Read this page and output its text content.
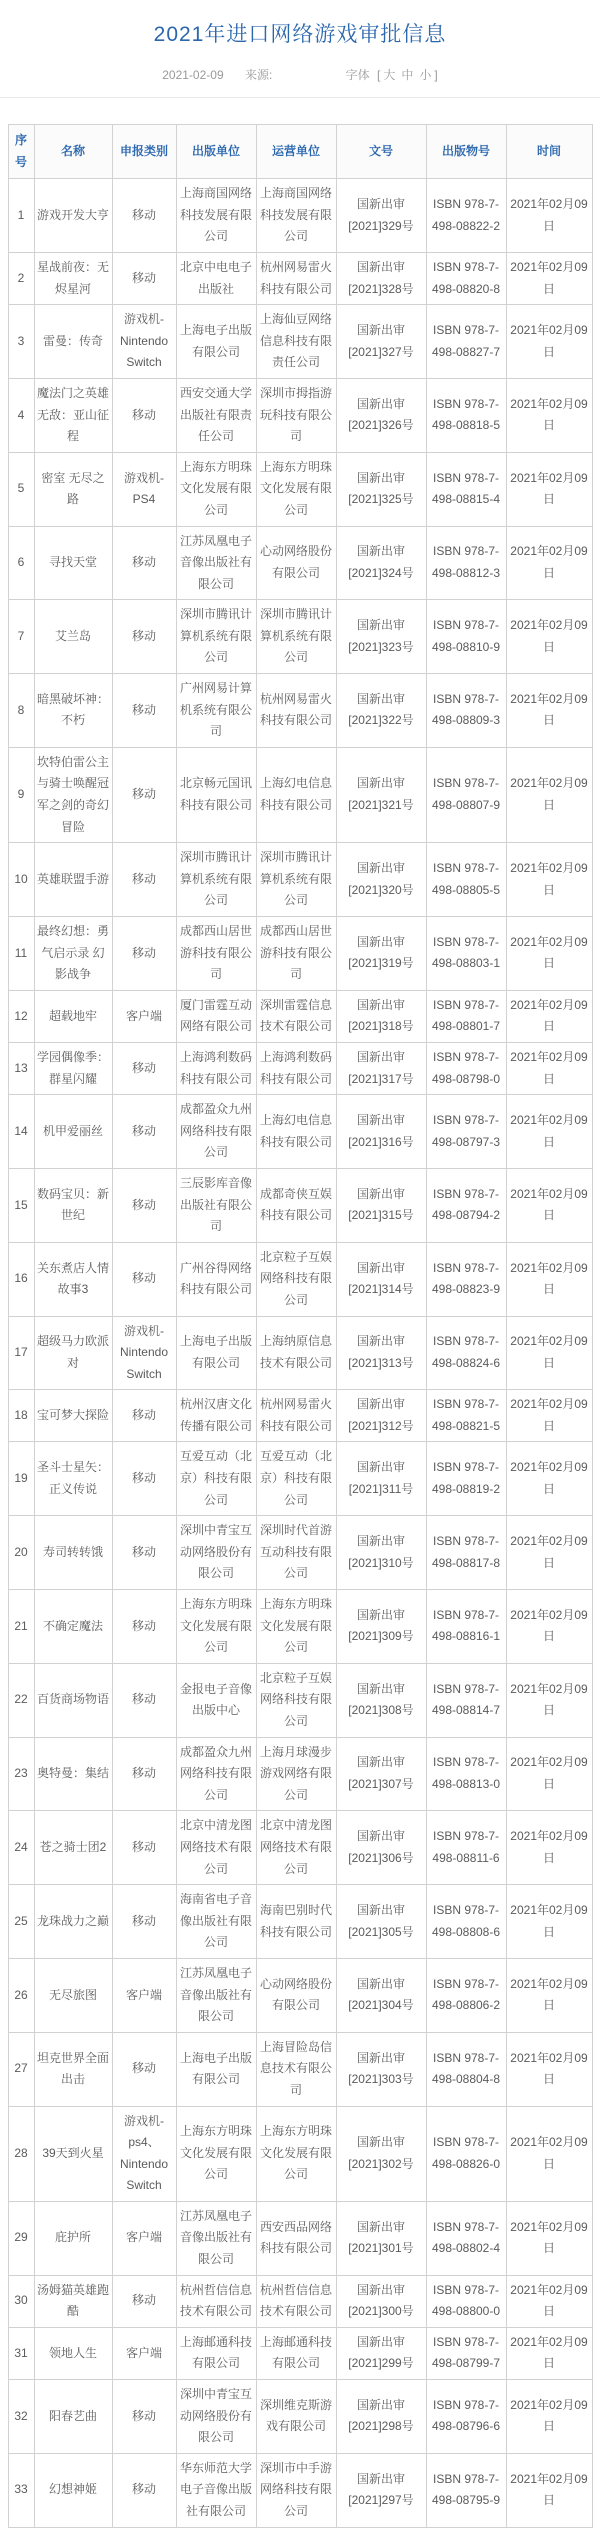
2021年进口网络游戏审批信息
2021-02-09 来源:	字体 [ 大 中 小 ]
序号	名称	申报类别	出版单位	运营单位	文号	出版物号	时间
1	游戏开发大亨	移动	上海商国网络科技发展有限公司	上海商国网络科技发展有限公司	国新出审 [2021]329号	ISBN 978-7-498-08822-2	2021年02月09日
2	星战前夜：无烬星河	移动	北京中电电子出版社	杭州网易雷火科技有限公司	国新出审 [2021]328号	ISBN 978-7-498-08820-8	2021年02月09日
3	雷曼：传奇	游戏机-Nintendo Switch	上海电子出版有限公司	上海仙豆网络信息科技有限责任公司	国新出审 [2021]327号	ISBN 978-7-498-08827-7	2021年02月09日
4	魔法门之英雄无敌：亚山征程	移动	西安交通大学出版社有限责任公司	深圳市拇指游玩科技有限公司	国新出审 [2021]326号	ISBN 978-7-498-08818-5	2021年02月09日
5	密室 无尽之路	游戏机-PS4	上海东方明珠文化发展有限公司	上海东方明珠文化发展有限公司	国新出审 [2021]325号	ISBN 978-7-498-08815-4	2021年02月09日
6	寻找天堂	移动	江苏凤凰电子音像出版社有限公司	心动网络股份有限公司	国新出审 [2021]324号	ISBN 978-7-498-08812-3	2021年02月09日
7	艾兰岛	移动	深圳市腾讯计算机系统有限公司	深圳市腾讯计算机系统有限公司	国新出审 [2021]323号	ISBN 978-7-498-08810-9	2021年02月09日
8	暗黑破坏神：不朽	移动	广州网易计算机系统有限公司	杭州网易雷火科技有限公司	国新出审 [2021]322号	ISBN 978-7-498-08809-3	2021年02月09日
9	坎特伯雷公主与骑士唤醒冠军之剑的奇幻冒险	移动	北京畅元国讯科技有限公司	上海幻电信息科技有限公司	国新出审 [2021]321号	ISBN 978-7-498-08807-9	2021年02月09日
10	英雄联盟手游	移动	深圳市腾讯计算机系统有限公司	深圳市腾讯计算机系统有限公司	国新出审 [2021]320号	ISBN 978-7-498-08805-5	2021年02月09日
11	最终幻想：勇气启示录 幻影战争	移动	成都西山居世游科技有限公司	成都西山居世游科技有限公司	国新出审 [2021]319号	ISBN 978-7-498-08803-1	2021年02月09日
12	超载地牢	客户端	厦门雷霆互动网络有限公司	深圳雷霆信息技术有限公司	国新出审 [2021]318号	ISBN 978-7-498-08801-7	2021年02月09日
13	学园偶像季：群星闪耀	移动	上海鸿利数码科技有限公司	上海鸿利数码科技有限公司	国新出审 [2021]317号	ISBN 978-7-498-08798-0	2021年02月09日
14	机甲爱丽丝	移动	成都盈众九州网络科技有限公司	上海幻电信息科技有限公司	国新出审 [2021]316号	ISBN 978-7-498-08797-3	2021年02月09日
15	数码宝贝：新世纪	移动	三辰影库音像出版社有限公司	成都奇侠互娱科技有限公司	国新出审 [2021]315号	ISBN 978-7-498-08794-2	2021年02月09日
16	关东煮店人情故事3	移动	广州谷得网络科技有限公司	北京粒子互娱网络科技有限公司	国新出审 [2021]314号	ISBN 978-7-498-08823-9	2021年02月09日
17	超级马力欧派对	游戏机-Nintendo Switch	上海电子出版有限公司	上海纳原信息技术有限公司	国新出审 [2021]313号	ISBN 978-7-498-08824-6	2021年02月09日
18	宝可梦大探险	移动	杭州汉唐文化传播有限公司	杭州网易雷火科技有限公司	国新出审 [2021]312号	ISBN 978-7-498-08821-5	2021年02月09日
19	圣斗士星矢：正义传说	移动	互爱互动（北京）科技有限公司	互爱互动（北京）科技有限公司	国新出审 [2021]311号	ISBN 978-7-498-08819-2	2021年02月09日
20	寿司转转饿	移动	深圳中青宝互动网络股份有限公司	深圳时代首游互动科技有限公司	国新出审 [2021]310号	ISBN 978-7-498-08817-8	2021年02月09日
21	不确定魔法	移动	上海东方明珠文化发展有限公司	上海东方明珠文化发展有限公司	国新出审 [2021]309号	ISBN 978-7-498-08816-1	2021年02月09日
22	百货商场物语	移动	金报电子音像出版中心	北京粒子互娱网络科技有限公司	国新出审 [2021]308号	ISBN 978-7-498-08814-7	2021年02月09日
23	奥特曼：集结	移动	成都盈众九州网络科技有限公司	上海月球漫步游戏网络有限公司	国新出审 [2021]307号	ISBN 978-7-498-08813-0	2021年02月09日
24	苍之骑士团2	移动	北京中清龙图网络技术有限公司	北京中清龙图网络技术有限公司	国新出审 [2021]306号	ISBN 978-7-498-08811-6	2021年02月09日
25	龙珠战力之巅	移动	海南省电子音像出版社有限公司	海南巴别时代科技有限公司	国新出审 [2021]305号	ISBN 978-7-498-08808-6	2021年02月09日
26	无尽旅图	客户端	江苏凤凰电子音像出版社有限公司	心动网络股份有限公司	国新出审 [2021]304号	ISBN 978-7-498-08806-2	2021年02月09日
27	坦克世界全面出击	移动	上海电子出版有限公司	上海冒险岛信息技术有限公司	国新出审 [2021]303号	ISBN 978-7-498-08804-8	2021年02月09日
28	39天到火星	游戏机-ps4、Nintendo Switch	上海东方明珠文化发展有限公司	上海东方明珠文化发展有限公司	国新出审 [2021]302号	ISBN 978-7-498-08826-0	2021年02月09日
29	庇护所	客户端	江苏凤凰电子音像出版社有限公司	西安西品网络科技有限公司	国新出审 [2021]301号	ISBN 978-7-498-08802-4	2021年02月09日
30	汤姆猫英雄跑酷	移动	杭州哲信信息技术有限公司	杭州哲信信息技术有限公司	国新出审 [2021]300号	ISBN 978-7-498-08800-0	2021年02月09日
31	领地人生	客户端	上海邮通科技有限公司	上海邮通科技有限公司	国新出审 [2021]299号	ISBN 978-7-498-08799-7	2021年02月09日
32	阳春艺曲	移动	深圳中青宝互动网络股份有限公司	深圳维克斯游戏有限公司	国新出审 [2021]298号	ISBN 978-7-498-08796-6	2021年02月09日
33	幻想神姬	移动	华东师范大学电子音像出版社有限公司	深圳市中手游网络科技有限公司	国新出审 [2021]297号	ISBN 978-7-498-08795-9	2021年02月09日
